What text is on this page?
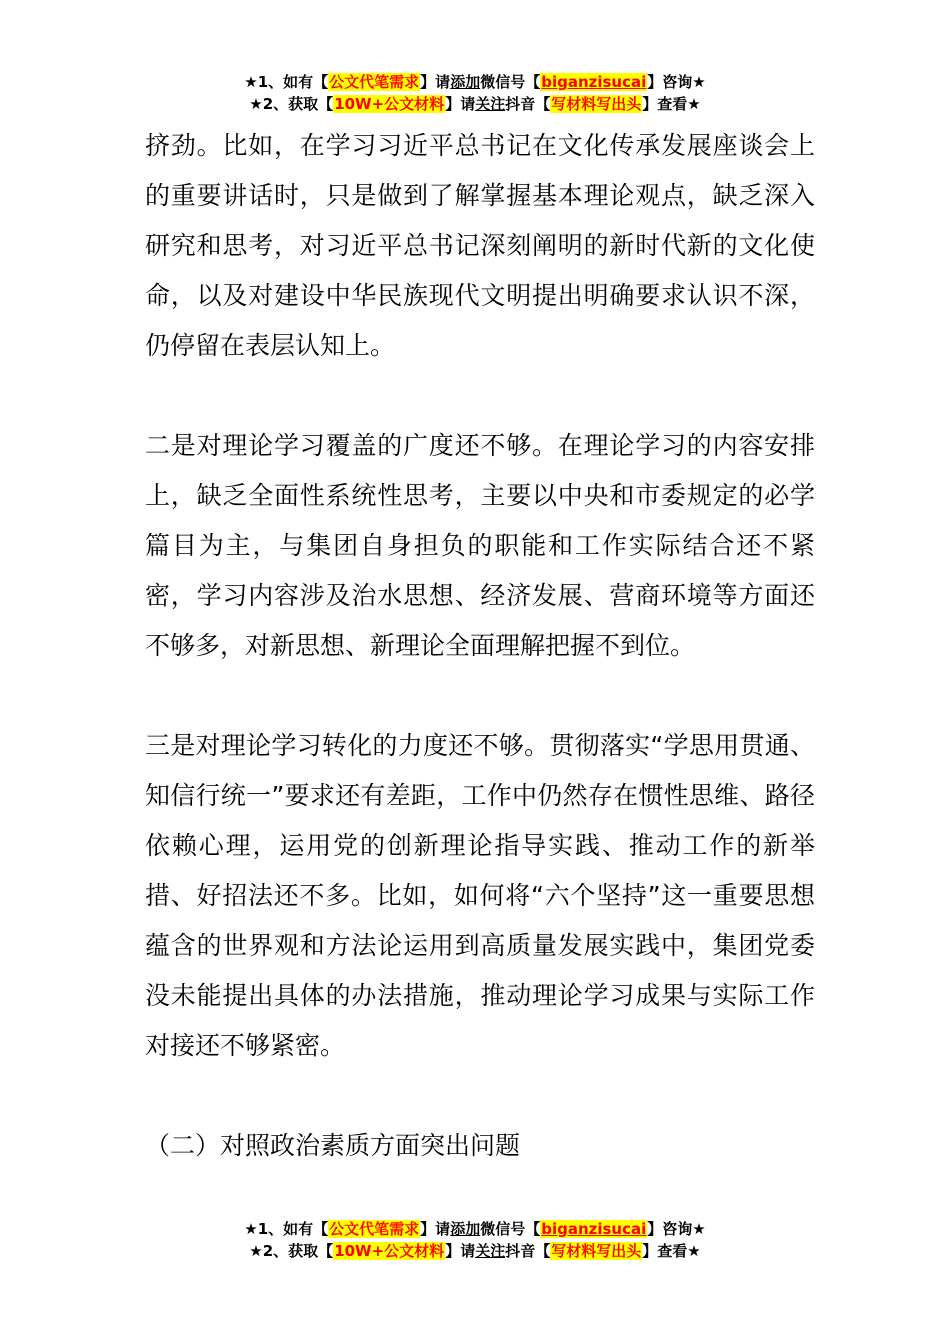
★1、如有【公文代笔需求】请添加微信号【biganzisucai】咨询★
★2、获取【10W+公文材料】请关注抖音【写材料写出头】查看★

挤劲。比如，在学习习近平总书记在文化传承发展座谈会上的重要讲话时，只是做到了解掌握基本理论观点，缺乏深入研究和思考，对习近平总书记深刻阐明的新时代新的文化使命，以及对建设中华民族现代文明提出明确要求认识不深，仍停留在表层认知上。

二是对理论学习覆盖的广度还不够。在理论学习的内容安排上，缺乏全面性系统性思考，主要以中央和市委规定的必学篇目为主，与集团自身担负的职能和工作实际结合还不紧密，学习内容涉及治水思想、经济发展、营商环境等方面还不够多，对新思想、新理论全面理解把握不到位。

三是对理论学习转化的力度还不够。贯彻落实“学思用贯通、知信行统一”要求还有差距，工作中仍然存在惯性思维、路径依赖心理，运用党的创新理论指导实践、推动工作的新举措、好招法还不多。比如，如何将“六个坚持”这一重要思想蕴含的世界观和方法论运用到高质量发展实践中，集团党委没未能提出具体的办法措施，推动理论学习成果与实际工作对接还不够紧密。

（二）对照政治素质方面突出问题

★1、如有【公文代笔需求】请添加微信号【biganzisucai】咨询★
★2、获取【10W+公文材料】请关注抖音【写材料写出头】查看★
